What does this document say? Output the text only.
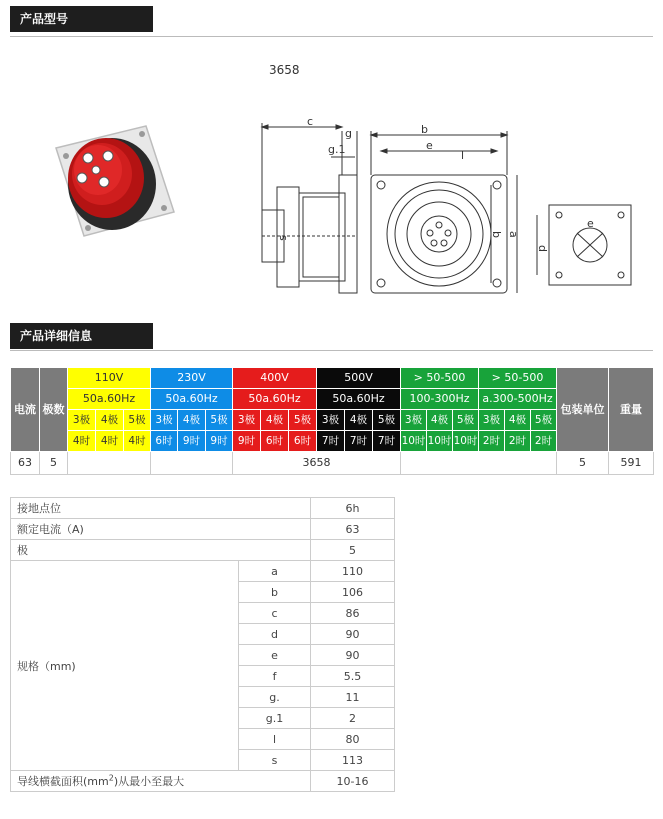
产品型号
3658
s
c
g
g.1
b
e
l
a
b
d
e
产品详细信息
电流	极数	110V			230V			400V			500V			> 50-500			> 50-500			包装单位	重量
		50a.60Hz			50a.60Hz			50a.60Hz			50a.60Hz			100-300Hz			a.300-500Hz				
		3极	4极	5极	3极	4极	5极	3极	4极	5极	3极	4极	5极	3极	4极	5极	3极	4极	5极		
		4时	4时	4时	6时	9时	9时	9时	6时	6时	7时	7时	7时	10时	10时	10时	2时	2时	2时		
63	5							3658												5	591
接地点位		6h
额定电流（A)		63
极		5
规格（mm)	a	110
	b	106
	c	86
	d	90
	e	90
	f	5.5
	g.	11
	g.1	2
	l	80
	s	113
导线横截面积$(mm^2)$从最小至最大		10-16
